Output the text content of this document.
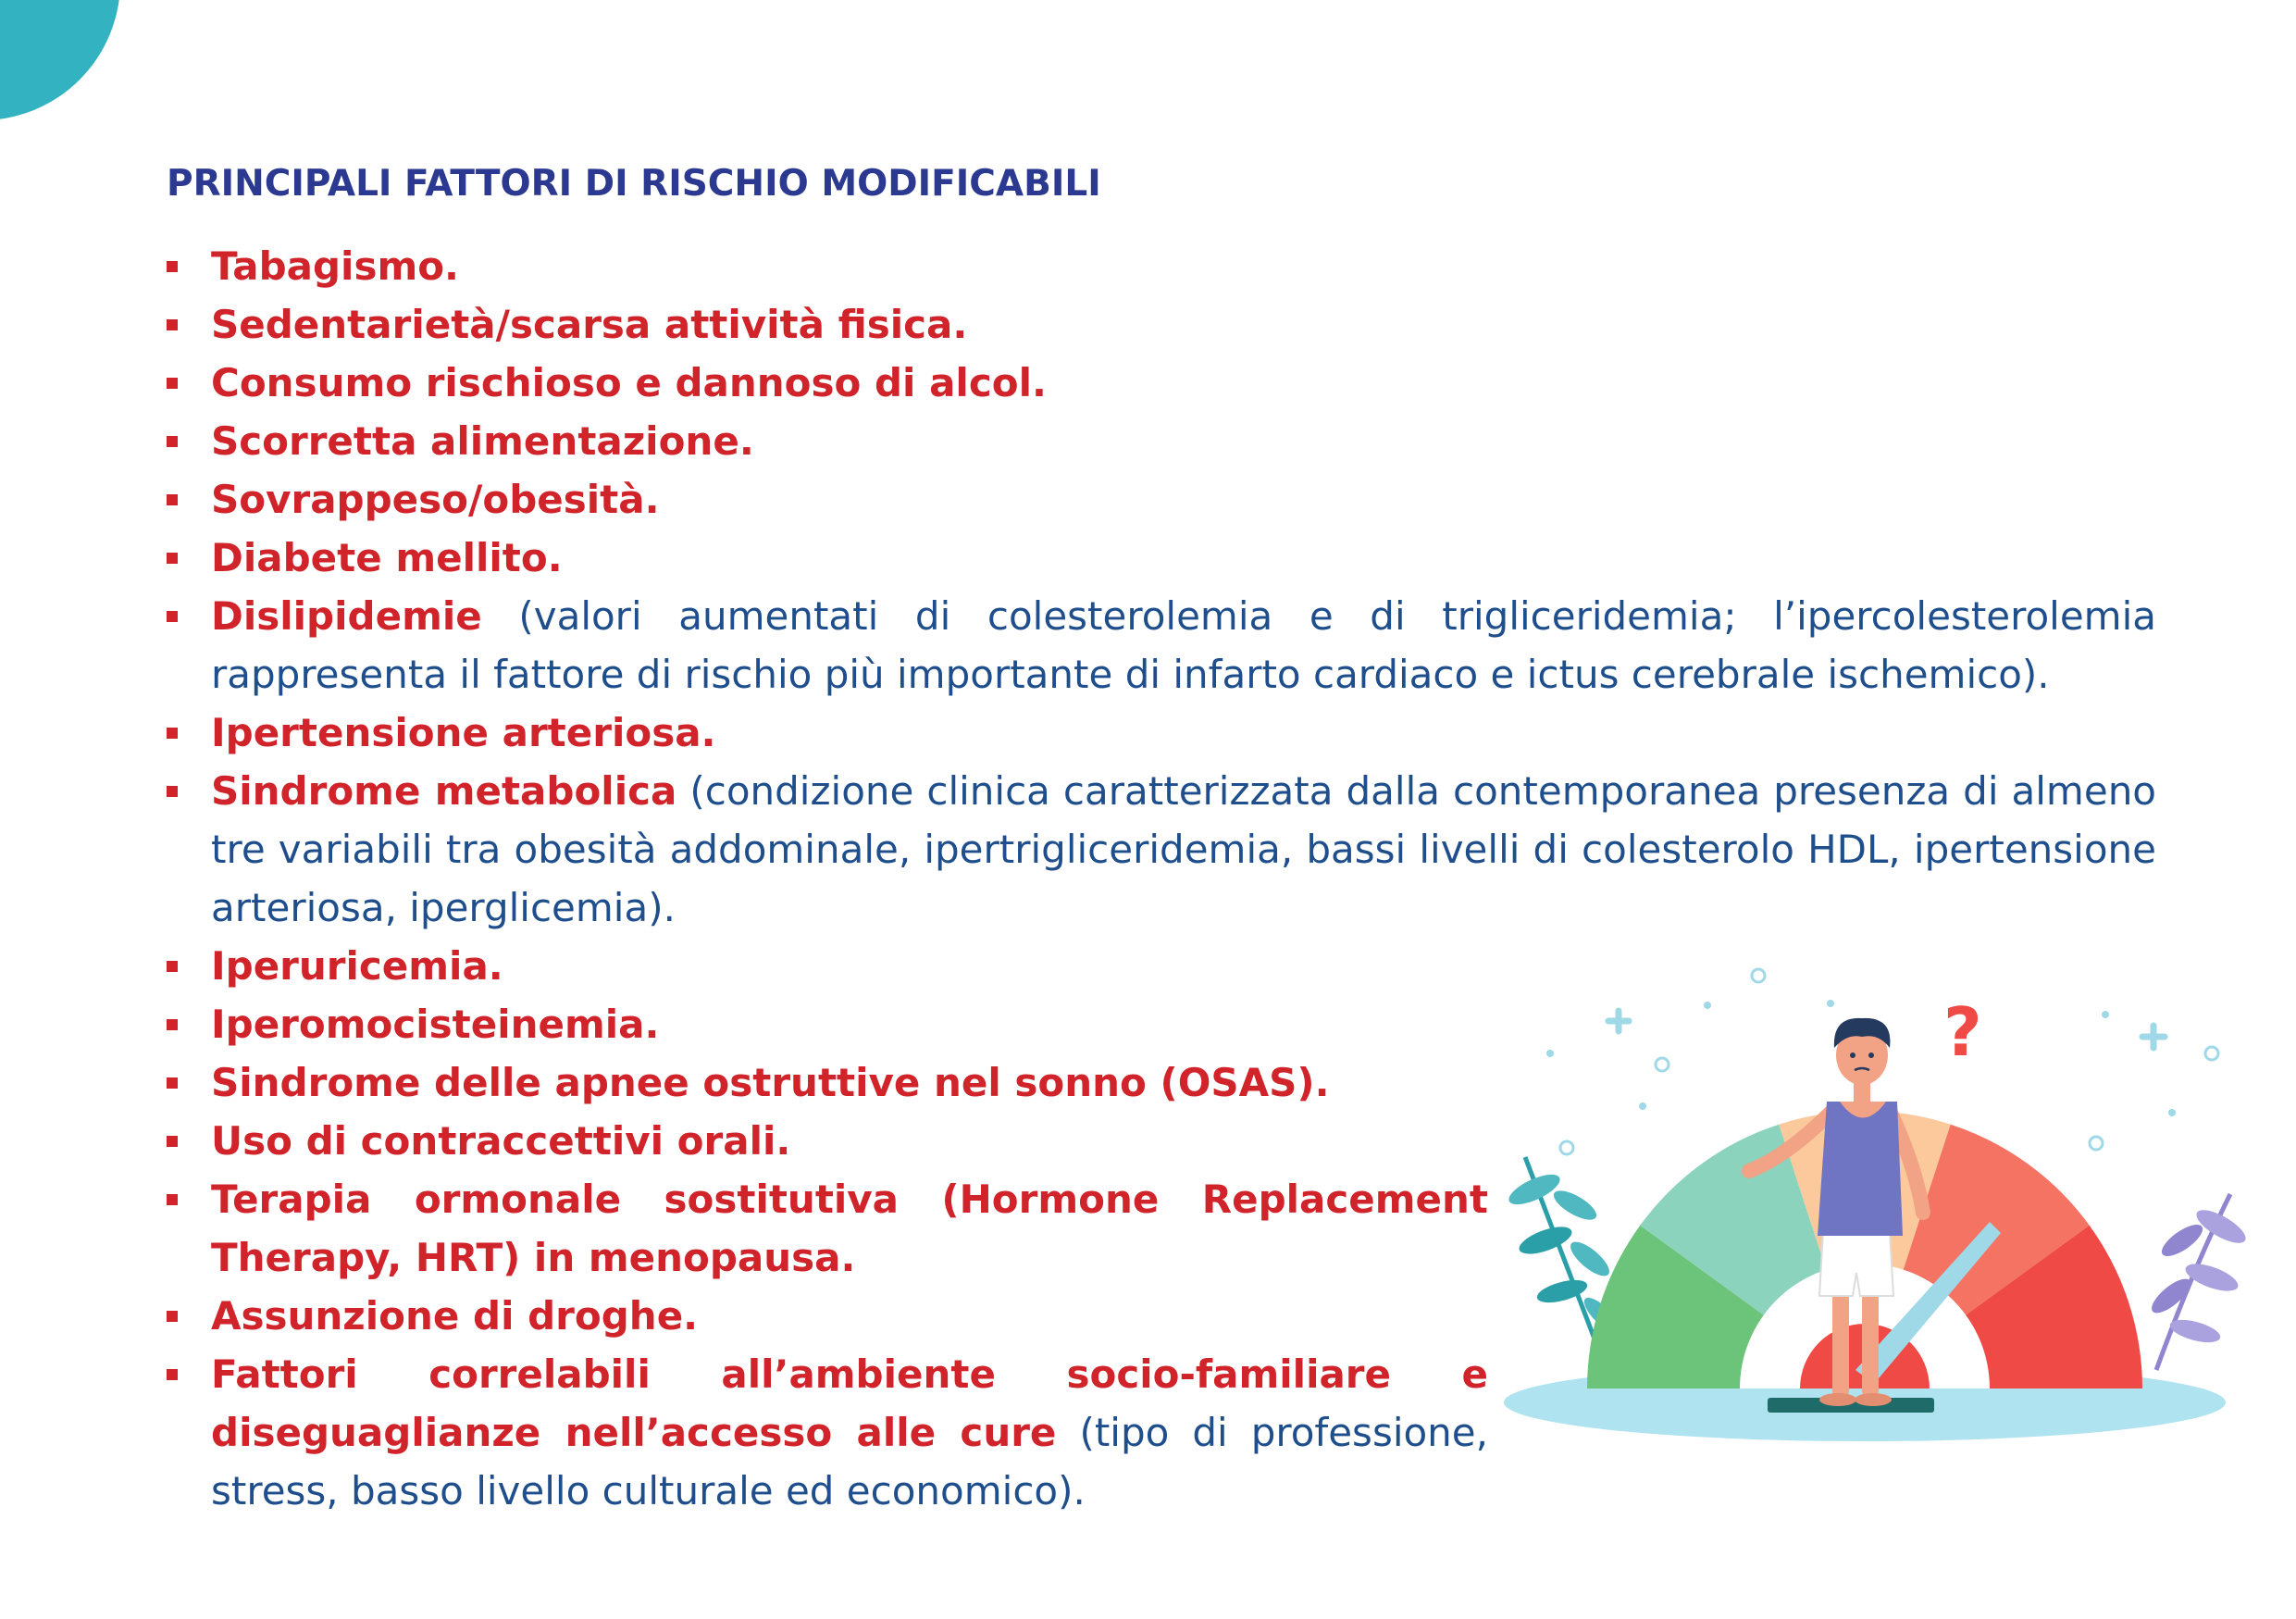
PRINCIPALI FATTORI DI RISCHIO MODIFICABILI
Tabagismo.
Sedentarietà/scarsa attività fisica.
Consumo rischioso e dannoso di alcol.
Scorretta alimentazione.
Sovrappeso/obesità.
Diabete mellito.
Dislipidemie (valori aumentati di colesterolemia e di trigliceridemia; l’ipercolesterolemia rappresenta il fattore di rischio più importante di infarto cardiaco e ictus cerebrale ischemico).
Ipertensione arteriosa.
Sindrome metabolica (condizione clinica caratterizzata dalla contemporanea presenza di almeno tre variabili tra obesità addominale, ipertrigliceridemia, bassi livelli di colesterolo HDL, ipertensione arteriosa, iperglicemia).
Iperuricemia.
Iperomocisteinemia.
Sindrome delle apnee ostruttive nel sonno (OSAS).
Uso di contraccettivi orali.
Terapia ormonale sostitutiva (Hormone Replacement Therapy, HRT) in menopausa.
Assunzione di droghe.
Fattori correlabili all’ambiente socio-familiare e diseguaglianze nell’accesso alle cure (tipo di professione, stress, basso livello culturale ed economico).
?
